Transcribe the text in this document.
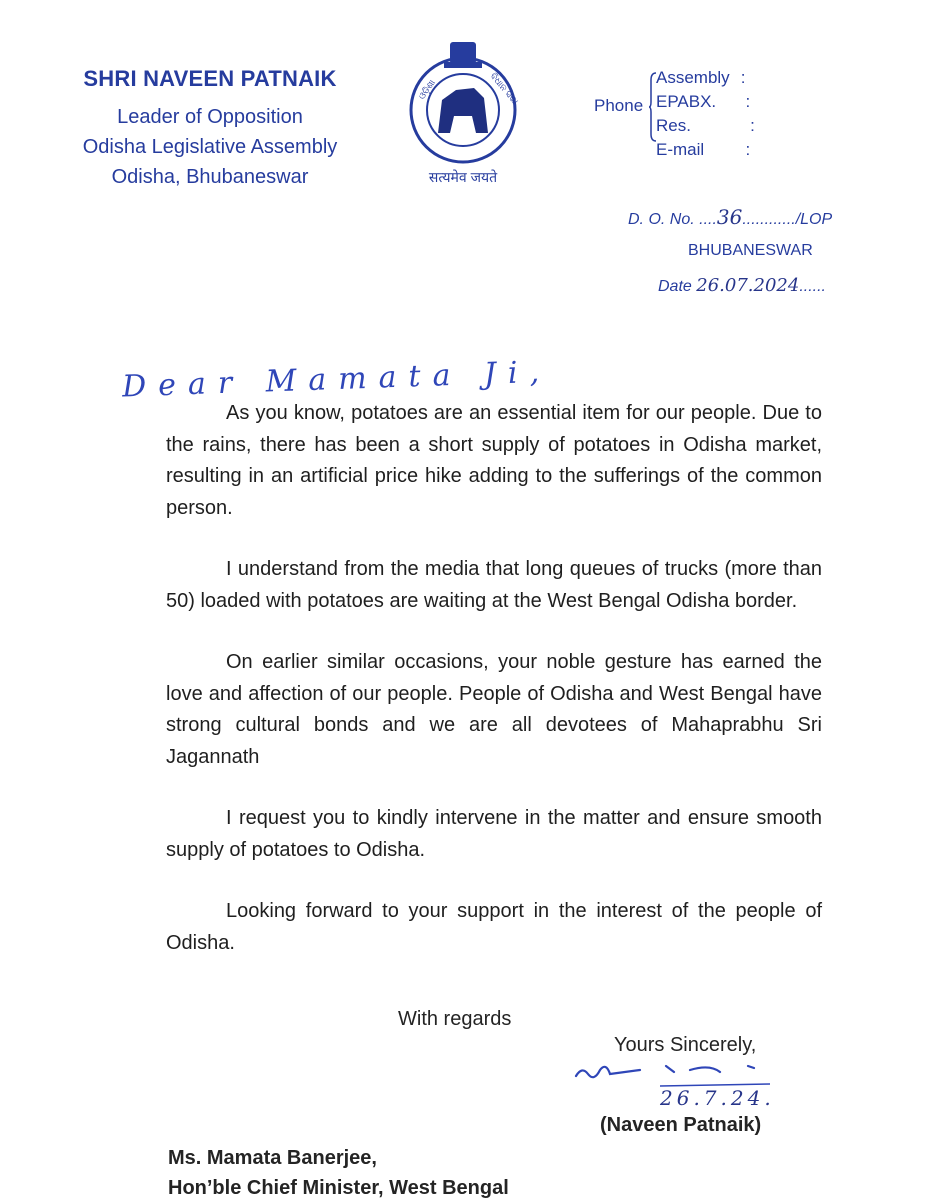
SHRI NAVEEN PATNAIK
Leader of Opposition
Odisha Legislative Assembly
Odisha, Bhubaneswar
ଓଡ଼ିଶା	ବିଧାନ ସଭା
सत्यमेव जयते
Phone
Assembly :
EPABX. :
Res.	:
E-mail :
D. O. No. ....36............/LOP
BHUBANESWAR
Date 26.07.2024......
Dear Mamata Ji,

As you know, potatoes are an essential item for our people. Due to the rains, there has been a short supply of potatoes in Odisha market, resulting in an artificial price hike adding to the sufferings of the common person.

I understand from the media that long queues of trucks (more than 50) loaded with potatoes are waiting at the West Bengal Odisha border.

On earlier similar occasions, your noble gesture has earned the love and affection of our people. People of Odisha and West Bengal have strong cultural bonds and we are all devotees of Mahaprabhu Sri Jagannath

I request you to kindly intervene in the matter and ensure smooth supply of potatoes to Odisha.

Looking forward to your support in the interest of the people of Odisha.

With regards
Yours Sincerely,
26.7.24.
(Naveen Patnaik)
Ms. Mamata Banerjee,
Hon’ble Chief Minister, West Bengal
